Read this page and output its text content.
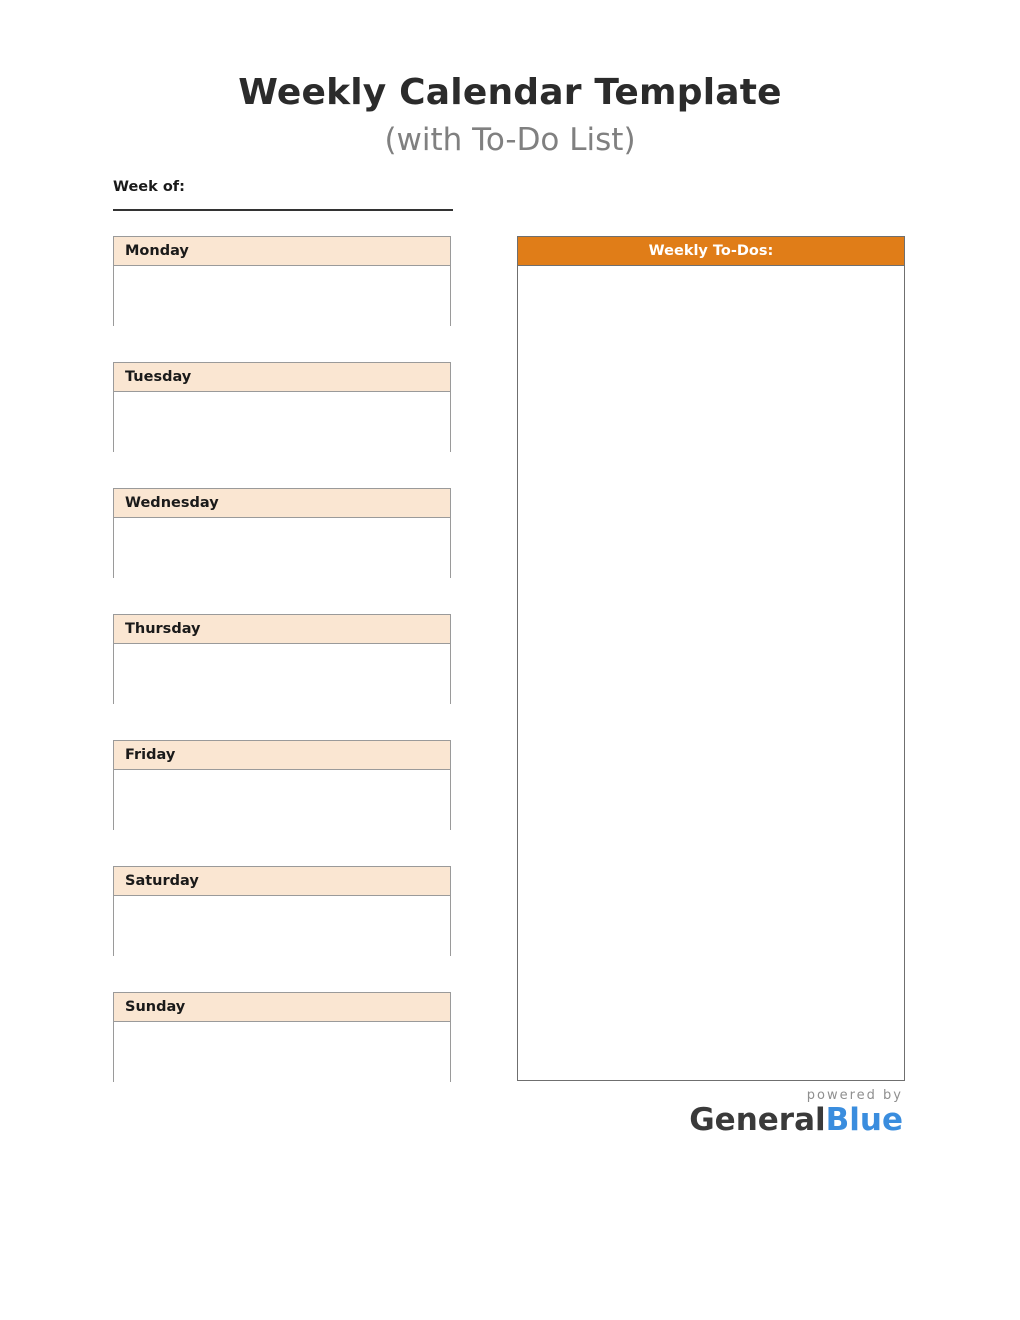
Weekly Calendar Template
(with To-Do List)
Week of:
Monday
Tuesday
Wednesday
Thursday
Friday
Saturday
Sunday
Weekly To-Dos:
powered by
GeneralBlue
